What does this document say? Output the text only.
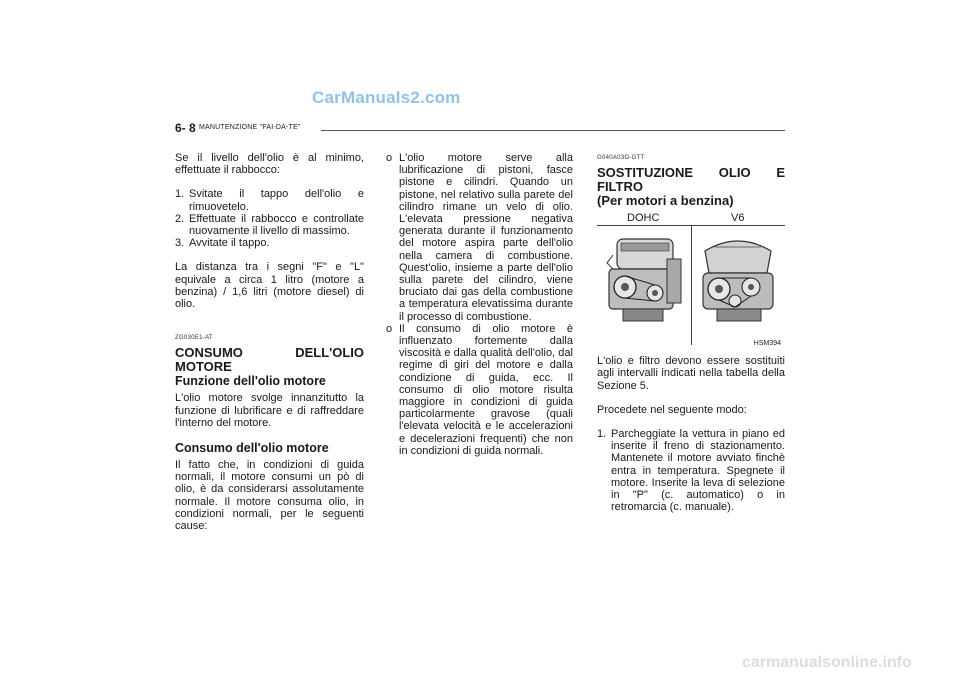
CarManuals2.com
6- 8 MANUTENZIONE "FAI-DA-TE"

Se il livello dell'olio è al minimo, effettuate il rabbocco:

1. Svitate il tappo dell'olio e rimuovetelo.
2. Effettuate il rabbocco e controllate nuovamente il livello di massimo.
3. Avvitate il tappo.

La distanza tra i segni "F" e "L" equivale a circa 1 litro (motore a benzina) / 1,6 litri (motore diesel) di olio.

ZG030E1-AT
CONSUMO DELL'OLIO MOTORE
Funzione dell'olio motore

L'olio motore svolge innanzitutto la funzione di lubrificare e di raffreddare l'interno del motore.

Consumo dell'olio motore

Il fatto che, in condizioni di guida normali, il motore consumi un pò di olio, è da considerarsi assolutamente normale. Il motore consuma olio, in condizioni normali, per le seguenti cause:

o L'olio motore serve alla lubrificazione di pistoni, fasce pistone e cilindri. Quando un pistone, nel relativo sulla parete del cilindro rimane un velo di olio. L'elevata pressione negativa generata durante il funzionamento del motore aspira parte dell'olio nella camera di combustione. Quest'olio, insieme a parte dell'olio sulla parete del cilindro, viene bruciato dai gas della combustione a temperatura elevatissima durante il processo di combustione.
o Il consumo di olio motore è influenzato fortemente dalla viscosità e dalla qualità dell'olio, dal regime di giri del motore e dalla condizione di guida, ecc. Il consumo di olio motore risulta maggiore in condizioni di guida particolarmente gravose (quali l'elevata velocità e le accelerazioni e decelerazioni frequenti) che non in condizioni di guida normali.
G040A03O-GTT
SOSTITUZIONE OLIO E FILTRO
(Per motori a benzina)
DOHC	V6
HSM394

L'olio e filtro devono essere sostituiti agli intervalli indicati nella tabella della Sezione 5.

Procedete nel seguente modo:

1. Parcheggiate la vettura in piano ed inserite il freno di stazionamento. Mantenete il motore avviato finchè entra in temperatura. Spegnete il motore. Inserite la leva di selezione in "P" (c. automatico) o in retromarcia (c. manuale).
carmanualsonline.info
